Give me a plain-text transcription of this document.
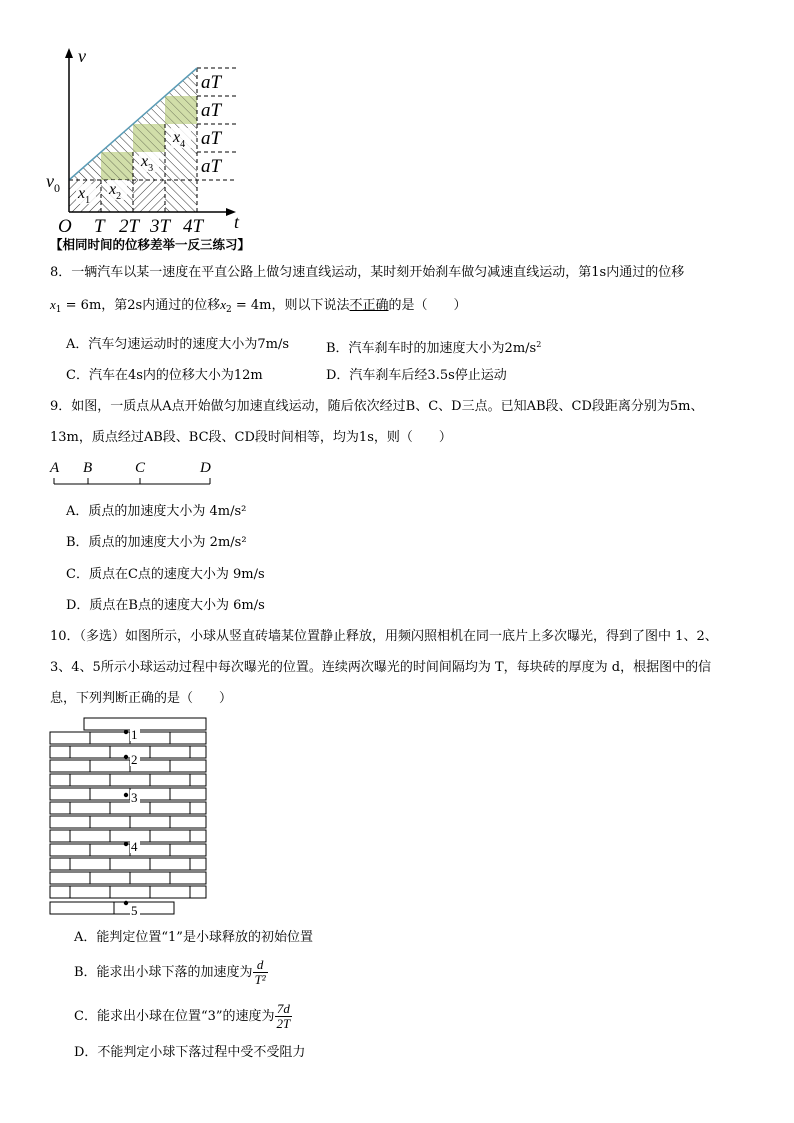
v
t
$v_0$
O T 2T 3T 4T
aT
aT
aT
aT
$x_1$
$x_2$
$x_3$
$x_4$
【相同时间的位移差举一反三练习】
8．一辆汽车以某一速度在平直公路上做匀速直线运动，某时刻开始刹车做匀减速直线运动，第1s内通过的位移
$x_1 = 6m$，第2s内通过的位移$x_2 = 4m$，则以下说法不正确的是（　　）
A．汽车匀速运动时的速度大小为7m/s	B．汽车刹车时的加速度大小为$2m/s^2$
C．汽车在4s内的位移大小为12m	D．汽车刹车后经3.5s停止运动
9．如图，一质点从A点开始做匀加速直线运动，随后依次经过B、C、D三点。已知AB段、CD段距离分别为5m、
13m，质点经过AB段、BC段、CD段时间相等，均为1s，则（　　）
A B	C	D
A．质点的加速度大小为 4m/s²
B．质点的加速度大小为 2m/s²
C．质点在C点的速度大小为 9m/s
D．质点在B点的速度大小为 6m/s
10．（多选）如图所示，小球从竖直砖墙某位置静止释放，用频闪照相机在同一底片上多次曝光，得到了图中 1、2、
3、4、5所示小球运动过程中每次曝光的位置。连续两次曝光的时间间隔均为 T，每块砖的厚度为 d，根据图中的信
息，下列判断正确的是（　　）
1
2
3
4
5
A．能判定位置“1”是小球释放的初始位置
B．能求出小球下落的加速度为 $\frac{d}{\text{T²}}$
C．能求出小球在位置“3”的速度为 $\frac{7d}{2T}$
D．不能判定小球下落过程中受不受阻力
